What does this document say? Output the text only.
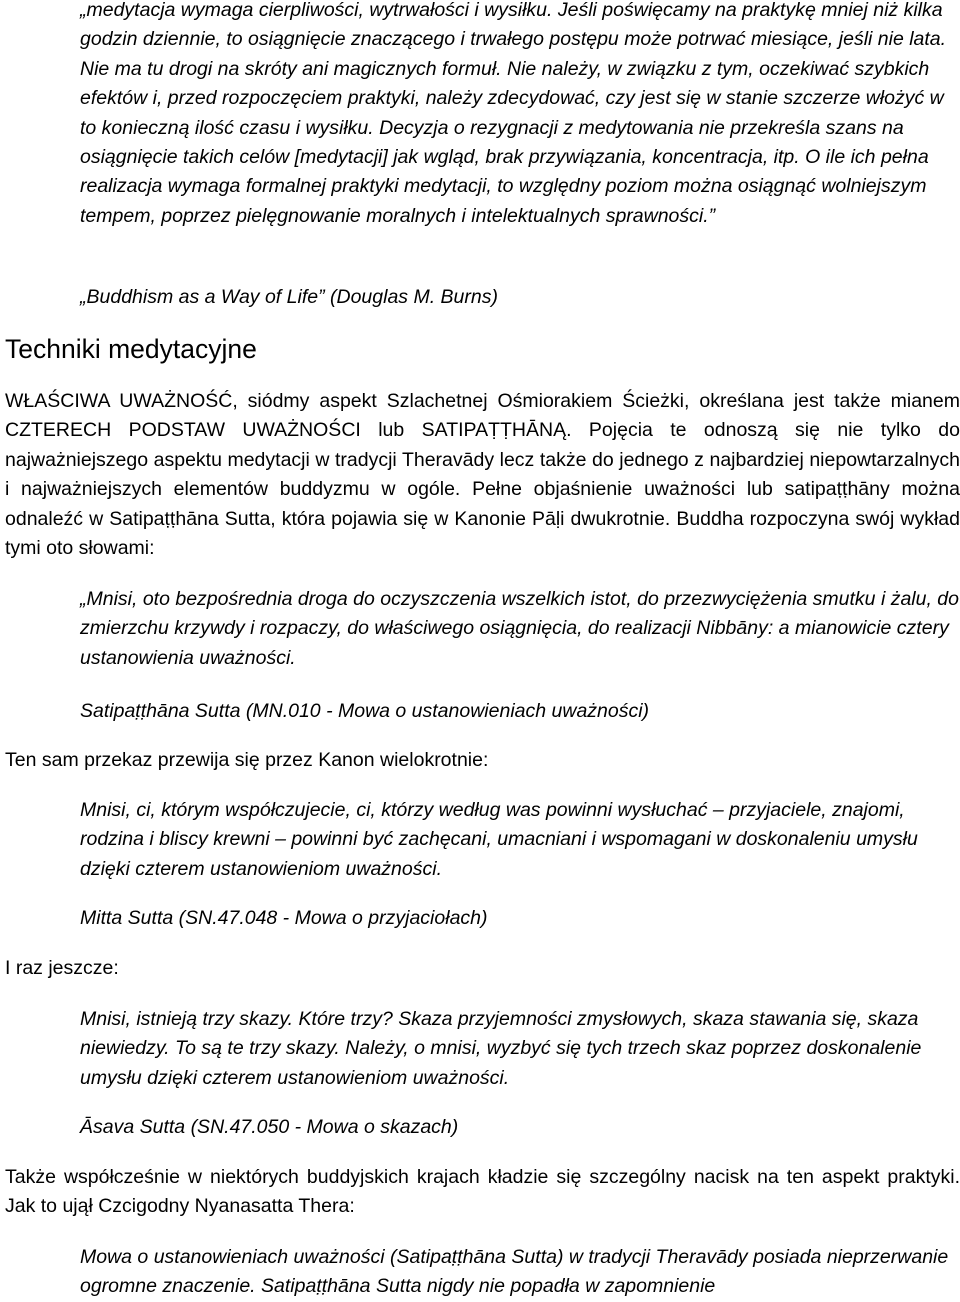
„medytacja wymaga cierpliwości, wytrwałości i wysiłku. Jeśli poświęcamy na praktykę mniej niż kilka godzin dziennie, to osiągnięcie znaczącego i trwałego postępu może potrwać miesiące, jeśli nie lata. Nie ma tu drogi na skróty ani magicznych formuł. Nie należy, w związku z tym, oczekiwać szybkich efektów i, przed rozpoczęciem praktyki, należy zdecydować, czy jest się w stanie szczerze włożyć w to konieczną ilość czasu i wysiłku. Decyzja o rezygnacji z medytowania nie przekreśla szans na osiągnięcie takich celów [medytacji] jak wgląd, brak przywiązania, koncentracja, itp. O ile ich pełna realizacja wymaga formalnej praktyki medytacji, to względny poziom można osiągnąć wolniejszym tempem, poprzez pielęgnowanie moralnych i intelektualnych sprawności.”

„Buddhism as a Way of Life” (Douglas M. Burns)

Techniki medytacyjne

WŁAŚCIWA UWAŻNOŚĆ, siódmy aspekt Szlachetnej Ośmiorakiem Ścieżki, określana jest także mianem CZTERECH PODSTAW UWAŻNOŚCI lub SATIPAṬṬHĀNĄ. Pojęcia te odnoszą się nie tylko do najważniejszego aspektu medytacji w tradycji Theravādy lecz także do jednego z najbardziej niepowtarzalnych i najważniejszych elementów buddyzmu w ogóle. Pełne objaśnienie uważności lub satipaṭṭhāny można odnaleźć w Satipaṭṭhāna Sutta, która pojawia się w Kanonie Pāḷi dwukrotnie. Buddha rozpoczyna swój wykład tymi oto słowami:

„Mnisi, oto bezpośrednia droga do oczyszczenia wszelkich istot, do przezwyciężenia smutku i żalu, do zmierzchu krzywdy i rozpaczy, do właściwego osiągnięcia, do realizacji Nibbāny: a mianowicie cztery ustanowienia uważności.

Satipaṭṭhāna Sutta (MN.010 - Mowa o ustanowieniach uważności)

Ten sam przekaz przewija się przez Kanon wielokrotnie:

Mnisi, ci, którym współczujecie, ci, którzy według was powinni wysłuchać – przyjaciele, znajomi, rodzina i bliscy krewni – powinni być zachęcani, umacniani i wspomagani w doskonaleniu umysłu dzięki czterem ustanowieniom uważności.

Mitta Sutta (SN.47.048 - Mowa o przyjaciołach)

I raz jeszcze:

Mnisi, istnieją trzy skazy. Które trzy? Skaza przyjemności zmysłowych, skaza stawania się, skaza niewiedzy. To są te trzy skazy. Należy, o mnisi, wyzbyć się tych trzech skaz poprzez doskonalenie umysłu dzięki czterem ustanowieniom uważności.

Āsava Sutta (SN.47.050 - Mowa o skazach)

Także współcześnie w niektórych buddyjskich krajach kładzie się szczególny nacisk na ten aspekt praktyki. Jak to ujął Czcigodny Nyanasatta Thera:

Mowa o ustanowieniach uważności (Satipaṭṭhāna Sutta) w tradycji Theravādy posiada nieprzerwanie ogromne znaczenie. Satipaṭṭhāna Sutta nigdy nie popadła w zapomnienie
